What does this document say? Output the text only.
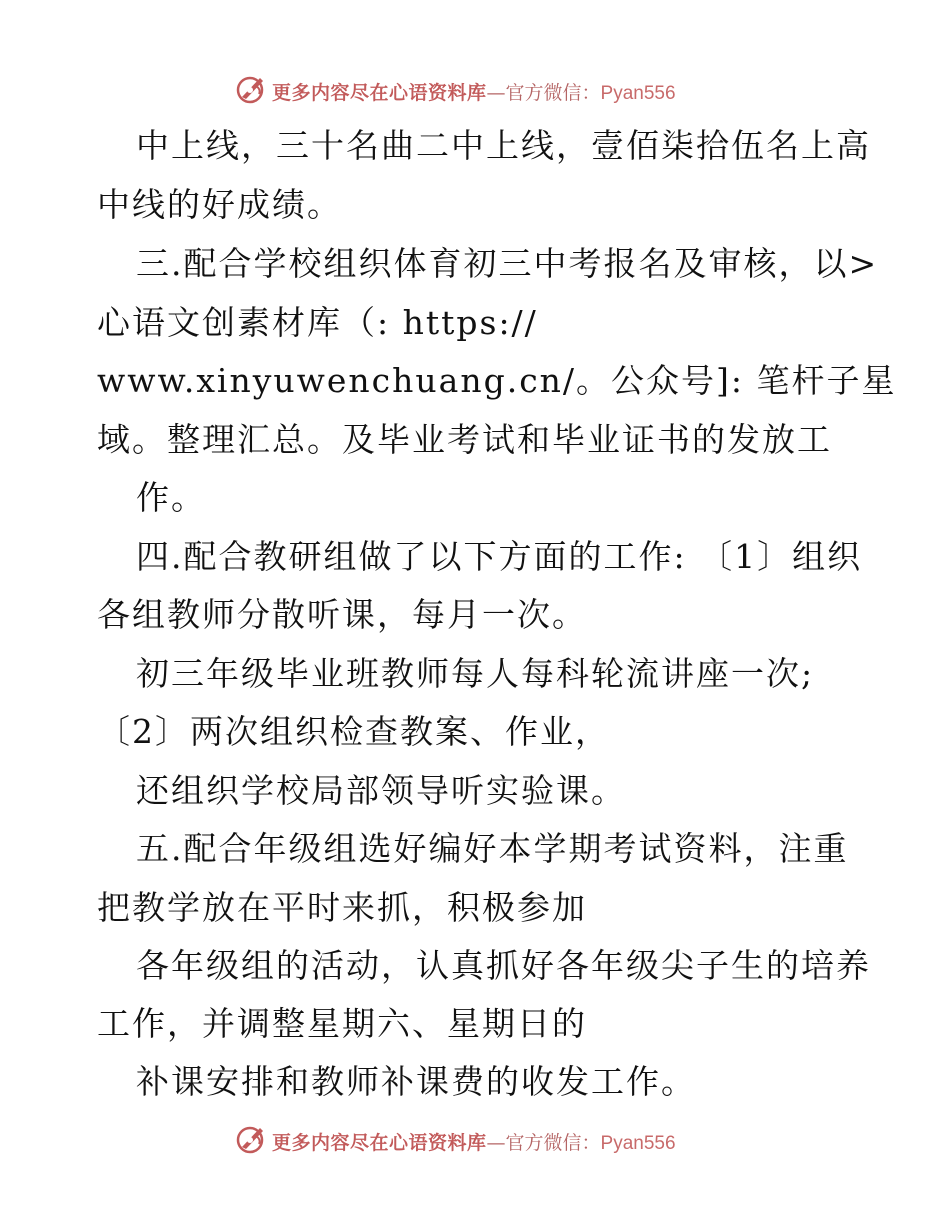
更多内容尽在心语资料库—官方微信：Pyan556
中上线，三十名曲二中上线，壹佰柒拾伍名上高
中线的好成绩。
三.配合学校组织体育初三中考报名及审核，以>
心语文创素材库（: https://
www.xinyuwenchuang.cn/。公众号]: 笔杆子星
域。整理汇总。及毕业考试和毕业证书的发放工
作。
四.配合教研组做了以下方面的工作: 〔1〕组织
各组教师分散听课，每月一次。
初三年级毕业班教师每人每科轮流讲座一次;
〔2〕两次组织检查教案、作业，
还组织学校局部领导听实验课。
五.配合年级组选好编好本学期考试资料，注重
把教学放在平时来抓，积极参加
各年级组的活动，认真抓好各年级尖子生的培养
工作，并调整星期六、星期日的
补课安排和教师补课费的收发工作。
更多内容尽在心语资料库—官方微信：Pyan556
